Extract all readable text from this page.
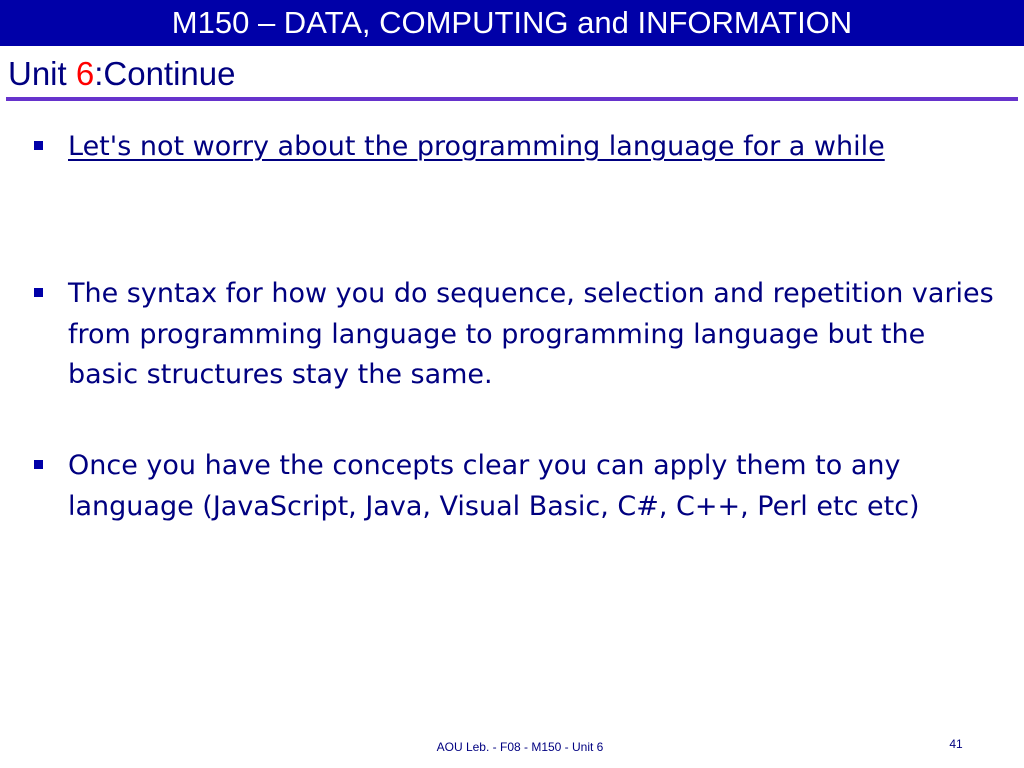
M150 – DATA, COMPUTING and INFORMATION
Unit 6:Continue
Let's not worry about the programming language for a while
The syntax for how you do sequence, selection and repetition varies from programming language to programming language but the basic structures stay the same.
Once you have the concepts clear you can apply them to any language (JavaScript, Java, Visual Basic, C#, C++, Perl etc etc)
AOU Leb. - F08 - M150 - Unit 6	41
